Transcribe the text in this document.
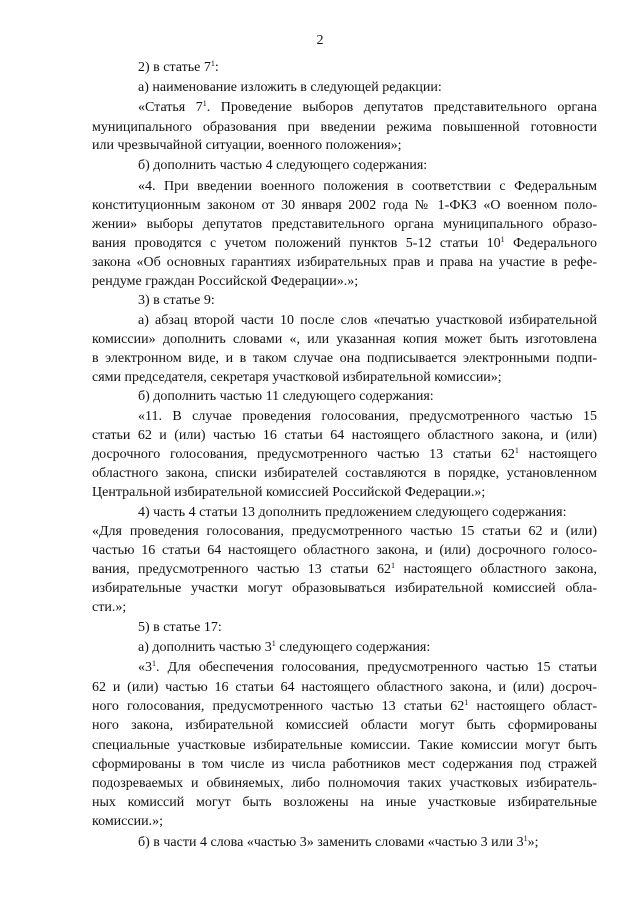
2
2) в статье $7^1$:
а) наименование изложить в следующей редакции:
«Статья $7^1$. Проведение выборов депутатов представительного органа
муниципального образования при введении режима повышенной готовности
или чрезвычайной ситуации, военного положения»;
б) дополнить частью 4 следующего содержания:
«4. При введении военного положения в соответствии с Федеральным
конституционным законом от 30 января 2002 года № 1-ФКЗ «О военном поло-
жении» выборы депутатов представительного органа муниципального образо-
вания проводятся с учетом положений пунктов 5-12 статьи $10^1$ Федерального
закона «Об основных гарантиях избирательных прав и права на участие в рефе-
рендуме граждан Российской Федерации».»;
3) в статье 9:
а) абзац второй части 10 после слов «печатью участковой избирательной
комиссии» дополнить словами «, или указанная копия может быть изготовлена
в электронном виде, и в таком случае она подписывается электронными подпи-
сями председателя, секретаря участковой избирательной комиссии»;
б) дополнить частью 11 следующего содержания:
«11. В случае проведения голосования, предусмотренного частью 15
статьи 62 и (или) частью 16 статьи 64 настоящего областного закона, и (или)
досрочного голосования, предусмотренного частью 13 статьи $62^1$ настоящего
областного закона, списки избирателей составляются в порядке, установленном
Центральной избирательной комиссией Российской Федерации.»;
4) часть 4 статьи 13 дополнить предложением следующего содержания:
«Для проведения голосования, предусмотренного частью 15 статьи 62 и (или)
частью 16 статьи 64 настоящего областного закона, и (или) досрочного голосо-
вания, предусмотренного частью 13 статьи $62^1$ настоящего областного закона,
избирательные участки могут образовываться избирательной комиссией обла-
сти.»;
5) в статье 17:
а) дополнить частью $3^1$ следующего содержания:
«$3^1$. Для обеспечения голосования, предусмотренного частью 15 статьи
62 и (или) частью 16 статьи 64 настоящего областного закона, и (или) досроч-
ного голосования, предусмотренного частью 13 статьи $62^1$ настоящего област-
ного закона, избирательной комиссией области могут быть сформированы
специальные участковые избирательные комиссии. Такие комиссии могут быть
сформированы в том числе из числа работников мест содержания под стражей
подозреваемых и обвиняемых, либо полномочия таких участковых избиратель-
ных комиссий могут быть возложены на иные участковые избирательные
комиссии.»;
б) в части 4 слова «частью 3» заменить словами «частью 3 или $3^1$»;
